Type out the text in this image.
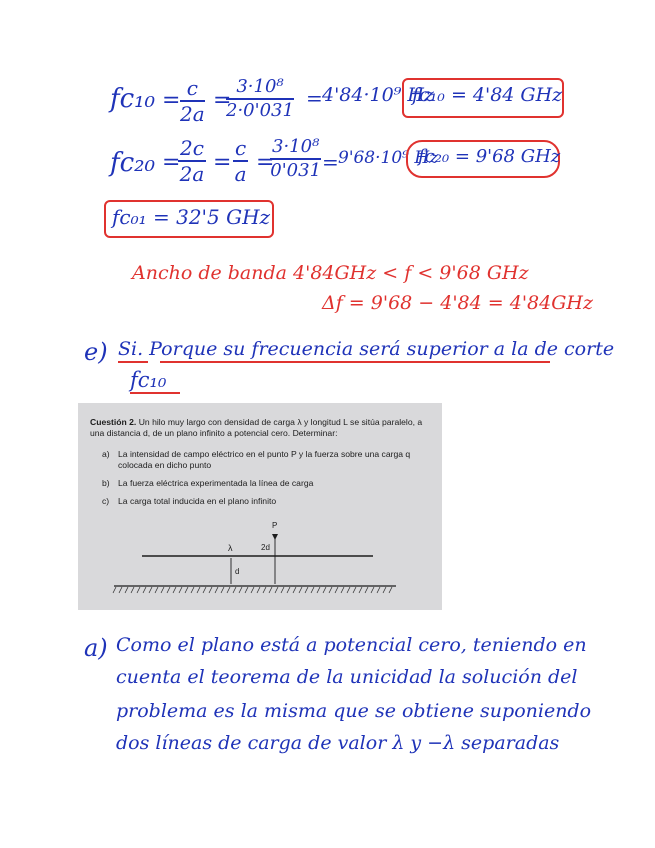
$fc_{10} = \frac{c}{2a}$ =
$\frac{\text{3·10⁸}}{2\cdot 0'031} = 4'84\cdot 10^9$ Hz
fc₁₀ = 4'84 GHz
fc₂₀ =
$\frac{2c}{2a} = \frac{c}{a}$ =
$\frac{\text{3·10⁸}}{0'031} = 9'68\cdot 10^9$ Hz
fc₂₀ = 9'68 GHz
fc₀₁ = 32'5 GHz
Ancho de banda 4'84GHz < f < 9'68 GHz
Δf = 9'68 − 4'84 = 4'84GHz
e) Si. Porque su frecuencia será superior a la de corte
fc₁₀
Cuestión 2. Un hilo muy largo con densidad de carga λ y longitud L se sitúa paralelo, a
una distancia d, de un plano infinito a potencial cero. Determinar:
a) La intensidad de campo eléctrico en el punto P y la fuerza sobre una carga q
colocada en dicho punto
b) La fuerza eléctrica experimentada la línea de carga
c) La carga total inducida en el plano infinito
P
λ	2d
d
a) Como el plano está a potencial cero, teniendo en
cuenta el teorema de la unicidad la solución del
problema es la misma que se obtiene suponiendo
dos líneas de carga de valor λ y −λ separadas
